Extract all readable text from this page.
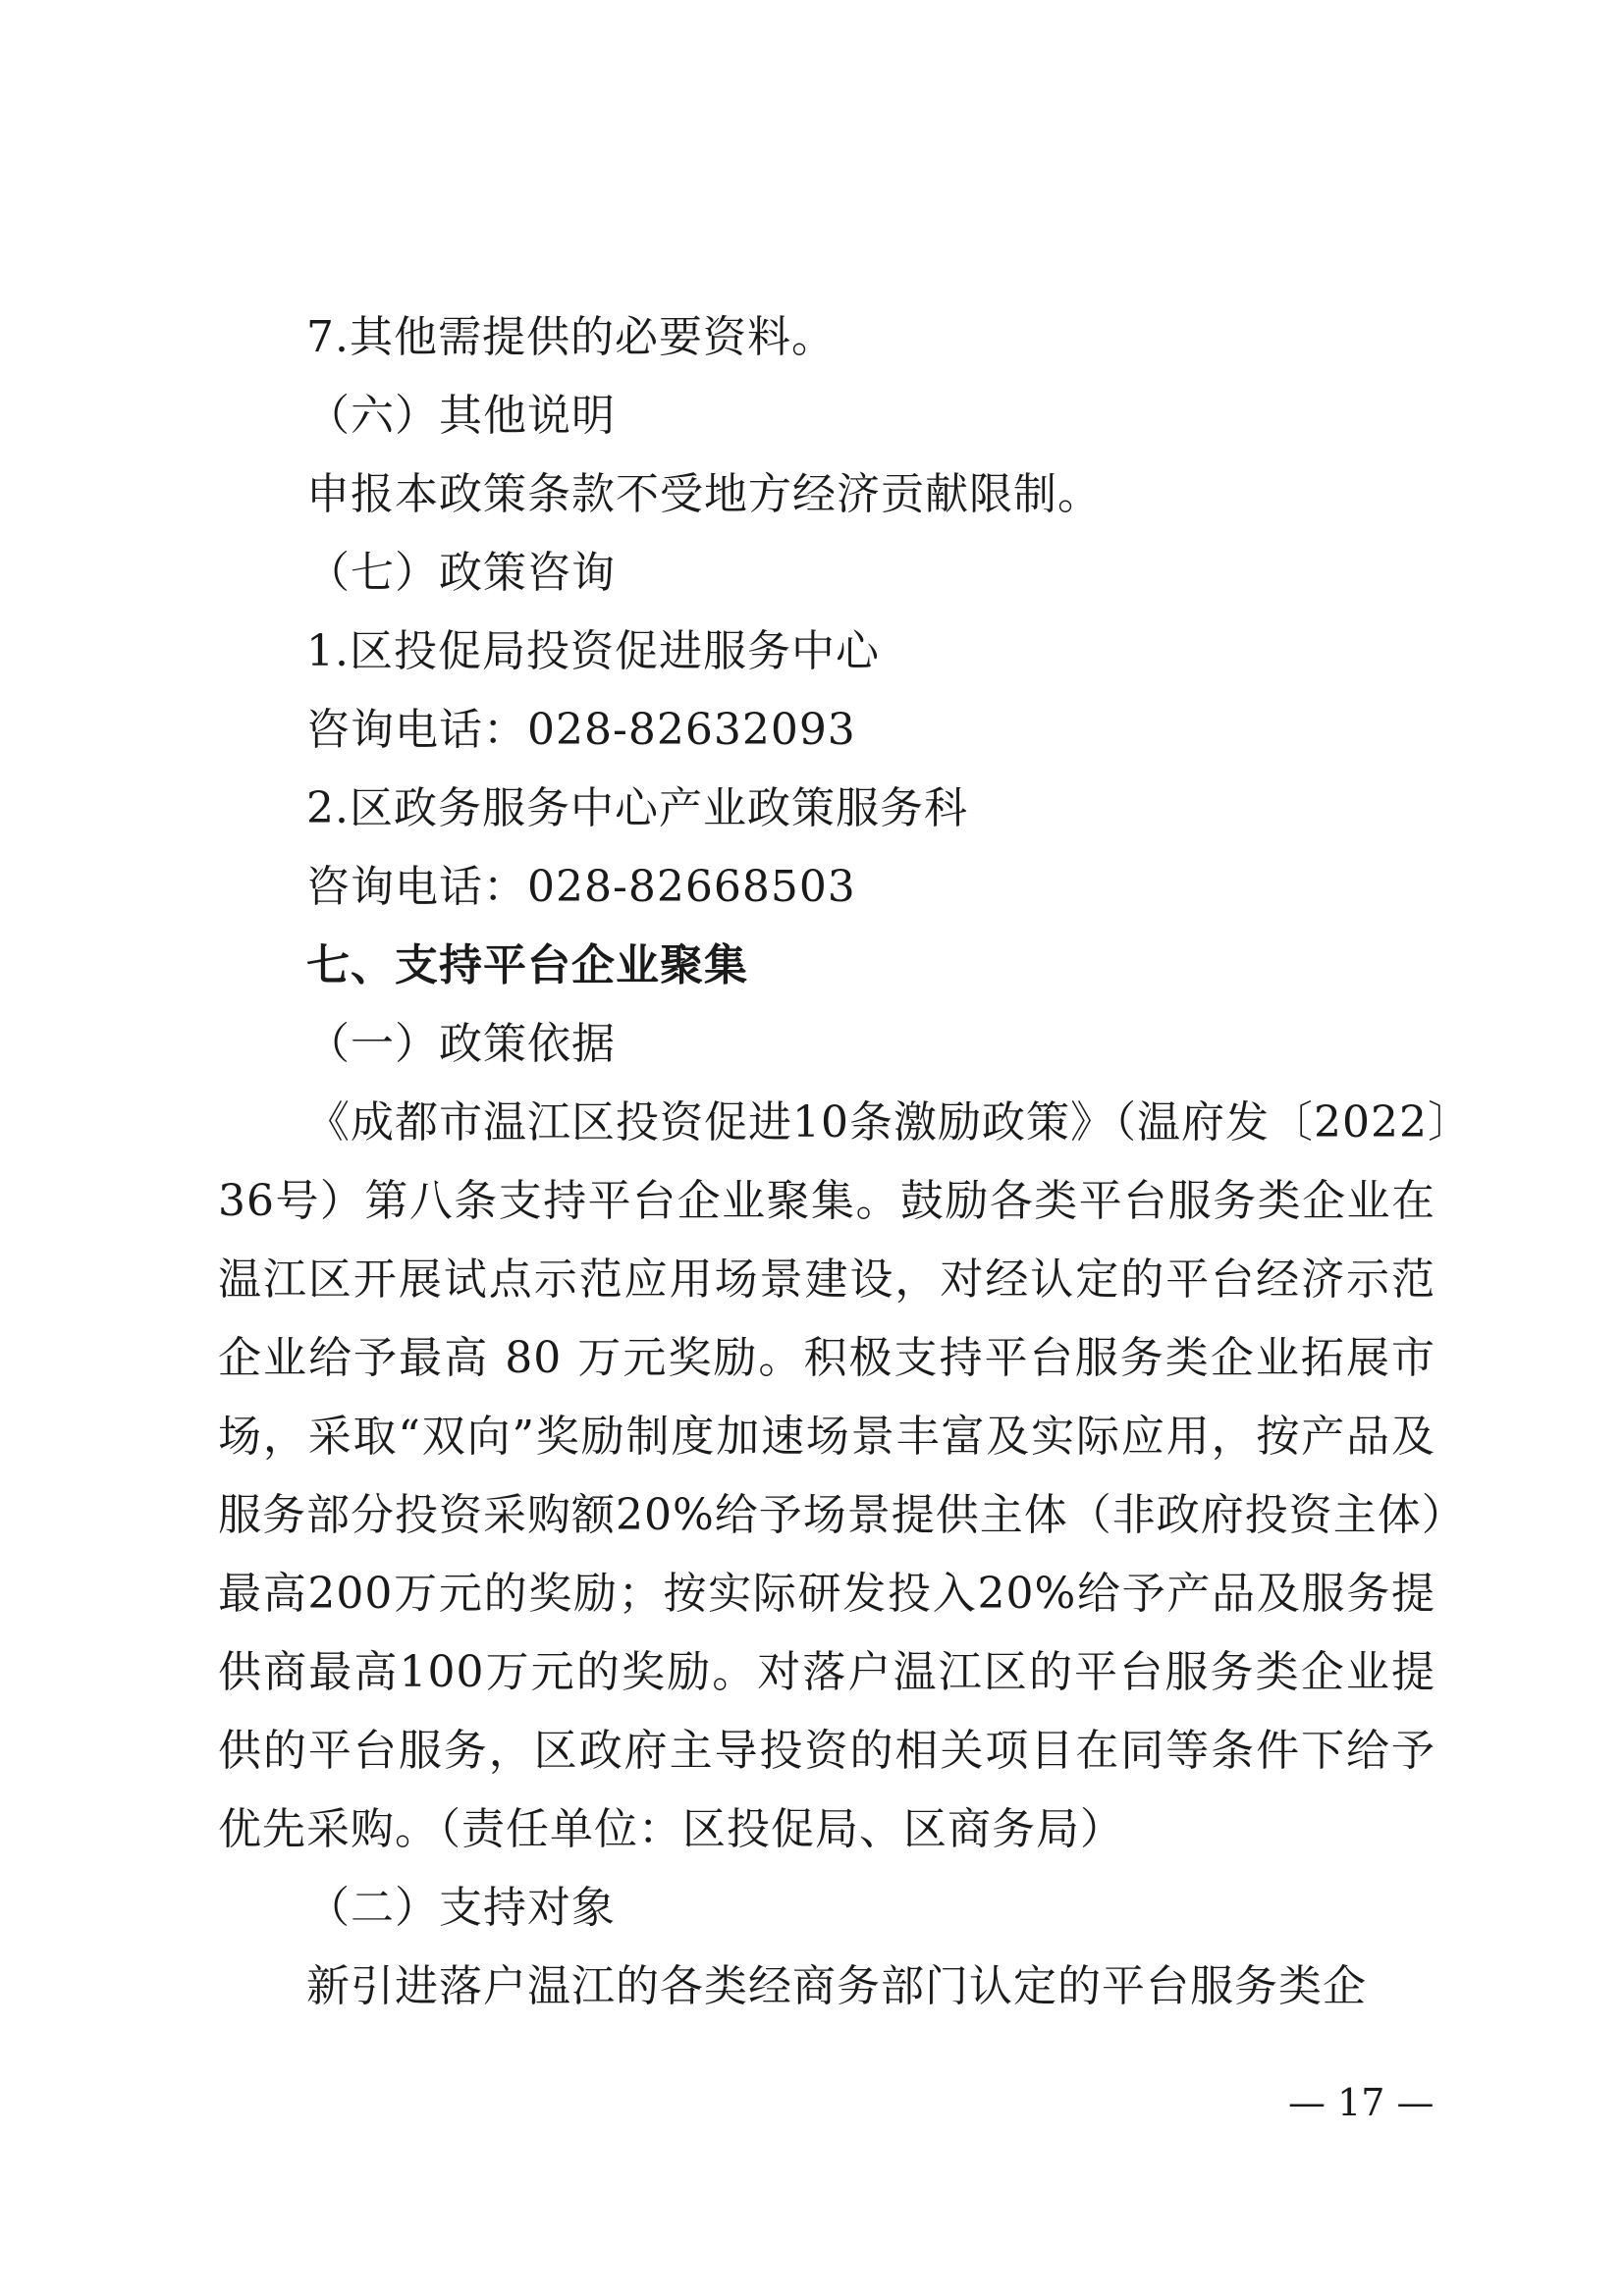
7.其他需提供的必要资料。
（六）其他说明
申报本政策条款不受地方经济贡献限制。
（七）政策咨询
1.区投促局投资促进服务中心
咨询电话：028-82632093
2.区政务服务中心产业政策服务科
咨询电话：028-82668503
七、支持平台企业聚集
（一）政策依据
《成都市温江区投资促进10条激励政策》（温府发〔2022〕
36号）第八条支持平台企业聚集。鼓励各类平台服务类企业在
温江区开展试点示范应用场景建设，对经认定的平台经济示范
企业给予最高 80 万元奖励。积极支持平台服务类企业拓展市
场，采取“双向”奖励制度加速场景丰富及实际应用，按产品及
服务部分投资采购额20%给予场景提供主体（非政府投资主体）
最高200万元的奖励；按实际研发投入20%给予产品及服务提
供商最高100万元的奖励。对落户温江区的平台服务类企业提
供的平台服务，区政府主导投资的相关项目在同等条件下给予
优先采购。（责任单位：区投促局、区商务局）
（二）支持对象
新引进落户温江的各类经商务部门认定的平台服务类企
— 17 —
